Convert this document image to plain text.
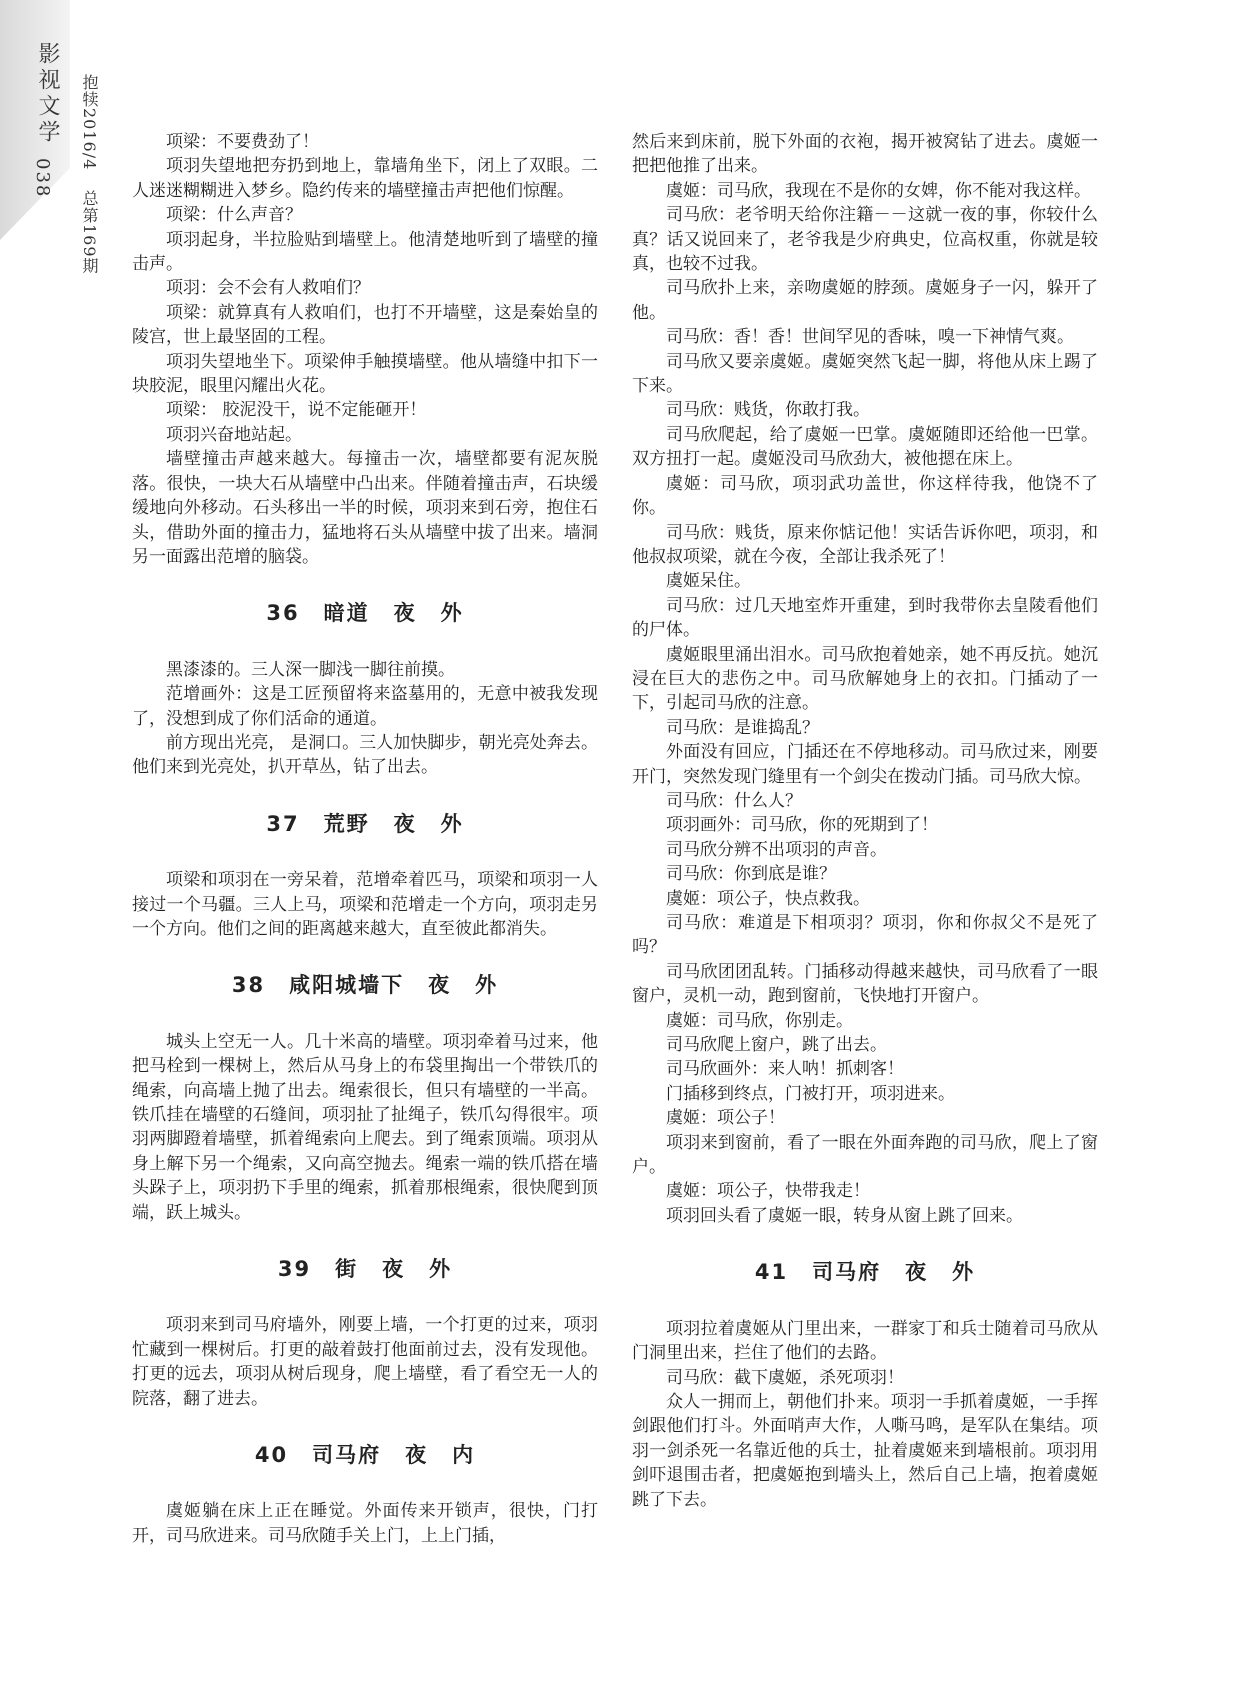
影视文学
038
抱犊2016/4 总第169期

项梁：不要费劲了！

项羽失望地把夯扔到地上，靠墙角坐下，闭上了双眼。二人迷迷糊糊进入梦乡。隐约传来的墙壁撞击声把他们惊醒。

项梁：什么声音？

项羽起身，半拉脸贴到墙壁上。他清楚地听到了墙壁的撞击声。

项羽：会不会有人救咱们？

项梁：就算真有人救咱们，也打不开墙壁，这是秦始皇的陵宫，世上最坚固的工程。

项羽失望地坐下。项梁伸手触摸墙壁。他从墙缝中扣下一块胶泥，眼里闪耀出火花。

项梁： 胶泥没干，说不定能砸开！

项羽兴奋地站起。

墙壁撞击声越来越大。每撞击一次，墙壁都要有泥灰脱落。很快，一块大石从墙壁中凸出来。伴随着撞击声，石块缓缓地向外移动。石头移出一半的时候，项羽来到石旁，抱住石头，借助外面的撞击力，猛地将石头从墙壁中拔了出来。墙洞另一面露出范增的脑袋。

36 暗道 夜 外

黑漆漆的。三人深一脚浅一脚往前摸。

范增画外：这是工匠预留将来盗墓用的，无意中被我发现了，没想到成了你们活命的通道。

前方现出光亮， 是洞口。三人加快脚步，朝光亮处奔去。他们来到光亮处，扒开草丛，钻了出去。

37 荒野 夜 外

项梁和项羽在一旁呆着，范增牵着匹马，项梁和项羽一人接过一个马疆。三人上马，项梁和范增走一个方向，项羽走另一个方向。他们之间的距离越来越大，直至彼此都消失。

38 咸阳城墙下 夜 外

城头上空无一人。几十米高的墙壁。项羽牵着马过来，他把马栓到一棵树上，然后从马身上的布袋里掏出一个带铁爪的绳索，向高墙上抛了出去。绳索很长，但只有墙壁的一半高。铁爪挂在墙壁的石缝间，项羽扯了扯绳子，铁爪勾得很牢。项羽两脚蹬着墙壁，抓着绳索向上爬去。到了绳索顶端。项羽从身上解下另一个绳索，又向高空抛去。绳索一端的铁爪搭在墙头跺子上，项羽扔下手里的绳索，抓着那根绳索，很快爬到顶端，跃上城头。

39 街 夜 外

项羽来到司马府墙外，刚要上墙，一个打更的过来，项羽忙藏到一棵树后。打更的敲着鼓打他面前过去，没有发现他。打更的远去，项羽从树后现身，爬上墙壁，看了看空无一人的院落，翻了进去。

40 司马府 夜 内

虞姬躺在床上正在睡觉。外面传来开锁声，很快，门打开，司马欣进来。司马欣随手关上门，上上门插，

然后来到床前，脱下外面的衣袍，揭开被窝钻了进去。虞姬一把把他推了出来。

虞姬：司马欣，我现在不是你的女婢，你不能对我这样。

司马欣：老爷明天给你注籍－－这就一夜的事，你较什么真？话又说回来了，老爷我是少府典史，位高权重，你就是较真，也较不过我。

司马欣扑上来，亲吻虞姬的脖颈。虞姬身子一闪，躲开了他。

司马欣：香！香！世间罕见的香味，嗅一下神情气爽。

司马欣又要亲虞姬。虞姬突然飞起一脚，将他从床上踢了下来。

司马欣：贱货，你敢打我。

司马欣爬起，给了虞姬一巴掌。虞姬随即还给他一巴掌。双方扭打一起。虞姬没司马欣劲大，被他摁在床上。

虞姬：司马欣，项羽武功盖世，你这样待我，他饶不了你。

司马欣：贱货，原来你惦记他！实话告诉你吧，项羽，和他叔叔项梁，就在今夜，全部让我杀死了！

虞姬呆住。

司马欣：过几天地室炸开重建，到时我带你去皇陵看他们的尸体。

虞姬眼里涌出泪水。司马欣抱着她亲，她不再反抗。她沉浸在巨大的悲伤之中。司马欣解她身上的衣扣。门插动了一下，引起司马欣的注意。

司马欣：是谁捣乱？

外面没有回应，门插还在不停地移动。司马欣过来，刚要开门，突然发现门缝里有一个剑尖在拨动门插。司马欣大惊。

司马欣：什么人？

项羽画外：司马欣，你的死期到了！

司马欣分辨不出项羽的声音。

司马欣：你到底是谁？

虞姬：项公子，快点救我。

司马欣：难道是下相项羽？项羽，你和你叔父不是死了吗？

司马欣团团乱转。门插移动得越来越快，司马欣看了一眼窗户，灵机一动，跑到窗前，飞快地打开窗户。

虞姬：司马欣，你别走。

司马欣爬上窗户，跳了出去。

司马欣画外：来人呐！抓刺客！

门插移到终点，门被打开，项羽进来。

虞姬：项公子！

项羽来到窗前，看了一眼在外面奔跑的司马欣，爬上了窗户。

虞姬：项公子，快带我走！

项羽回头看了虞姬一眼，转身从窗上跳了回来。

41 司马府 夜 外

项羽拉着虞姬从门里出来，一群家丁和兵士随着司马欣从门洞里出来，拦住了他们的去路。

司马欣：截下虞姬，杀死项羽！

众人一拥而上，朝他们扑来。项羽一手抓着虞姬，一手挥剑跟他们打斗。外面哨声大作，人嘶马鸣，是军队在集结。项羽一剑杀死一名靠近他的兵士，扯着虞姬来到墙根前。项羽用剑吓退围击者，把虞姬抱到墙头上，然后自己上墙，抱着虞姬跳了下去。
